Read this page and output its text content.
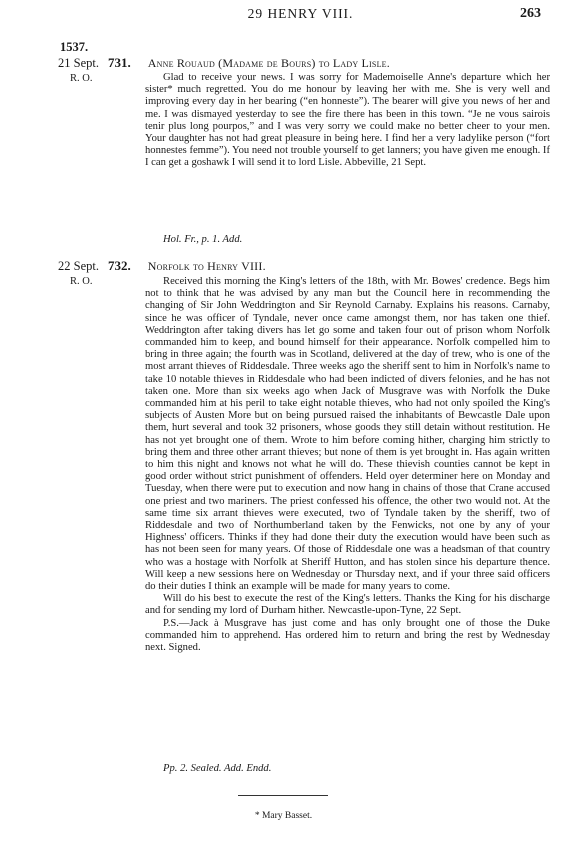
29 HENRY VIII.	263
1537.
21 Sept.
R. O.
731. Anne Rouaud (Madame de Bours) to Lady Lisle.

Glad to receive your news. I was sorry for Mademoiselle Anne's departure which her sister* much regretted. You do me honour by leaving her with me. She is very well and improving every day in her bearing (“en honneste”). The bearer will give you news of her and me. I was dismayed yesterday to see the fire there has been in this town. “Je ne vous sairois tenir plus long pourpos,” and I was very sorry we could make no better cheer to your men. Your daughter has not had great pleasure in being here. I find her a very ladylike person (“fort honnestes femme”). You need not trouble yourself to get lanners; you have given me enough. If I can get a goshawk I will send it to lord Lisle. Abbeville, 21 Sept.

Hol. Fr., p. 1. Add.
22 Sept.
R. O.
732. Norfolk to Henry VIII.

Received this morning the King's letters of the 18th, with Mr. Bowes' credence. Begs him not to think that he was advised by any man but the Council here in recommending the changing of Sir John Weddrington and Sir Reynold Carnaby. Explains his reasons. Carnaby, since he was officer of Tyndale, never once came amongst them, nor has taken one thief. Weddrington after taking divers has let go some and taken four out of prison whom Norfolk commanded him to keep, and bound himself for their appearance. Norfolk compelled him to bring in three again; the fourth was in Scotland, delivered at the day of trew, who is one of the most arrant thieves of Riddesdale. Three weeks ago the sheriff sent to him in Norfolk's name to take 10 notable thieves in Riddesdale who had been indicted of divers felonies, and he has not taken one. More than six weeks ago when Jack of Musgrave was with Norfolk the Duke commanded him at his peril to take eight notable thieves, who had not only spoiled the King's subjects of Austen More but on being pursued raised the inhabitants of Bewcastle Dale upon them, hurt several and took 32 prisoners, whose goods they still detain without restitution. He has not yet brought one of them. Wrote to him before coming hither, charging him strictly to bring them and three other arrant thieves; but none of them is yet brought in. Has again written to him this night and knows not what he will do. These thievish counties cannot be kept in good order without strict punishment of offenders. Held oyer determiner here on Monday and Tuesday, when there were put to execution and now hang in chains of those that Crane accused one priest and two mariners. The priest confessed his offence, the other two would not. At the same time six arrant thieves were executed, two of Tyndale taken by the sheriff, two of Riddesdale and two of Northumberland taken by the Fenwicks, not one by any of your Highness' officers. Thinks if they had done their duty the execution would have been such as has not been seen for many years. Of those of Riddesdale one was a headsman of that country who was a hostage with Norfolk at Sheriff Hutton, and has stolen since his departure thence. Will keep a new sessions here on Wednesday or Thursday next, and if your three said officers do their duties I think an example will be made for many years to come.

Will do his best to execute the rest of the King's letters. Thanks the King for his discharge and for sending my lord of Durham hither. Newcastle-upon-Tyne, 22 Sept.

P.S.—Jack à Musgrave has just come and has only brought one of those the Duke commanded him to apprehend. Has ordered him to return and bring the rest by Wednesday next. Signed.

Pp. 2. Sealed. Add. Endd.
* Mary Basset.
